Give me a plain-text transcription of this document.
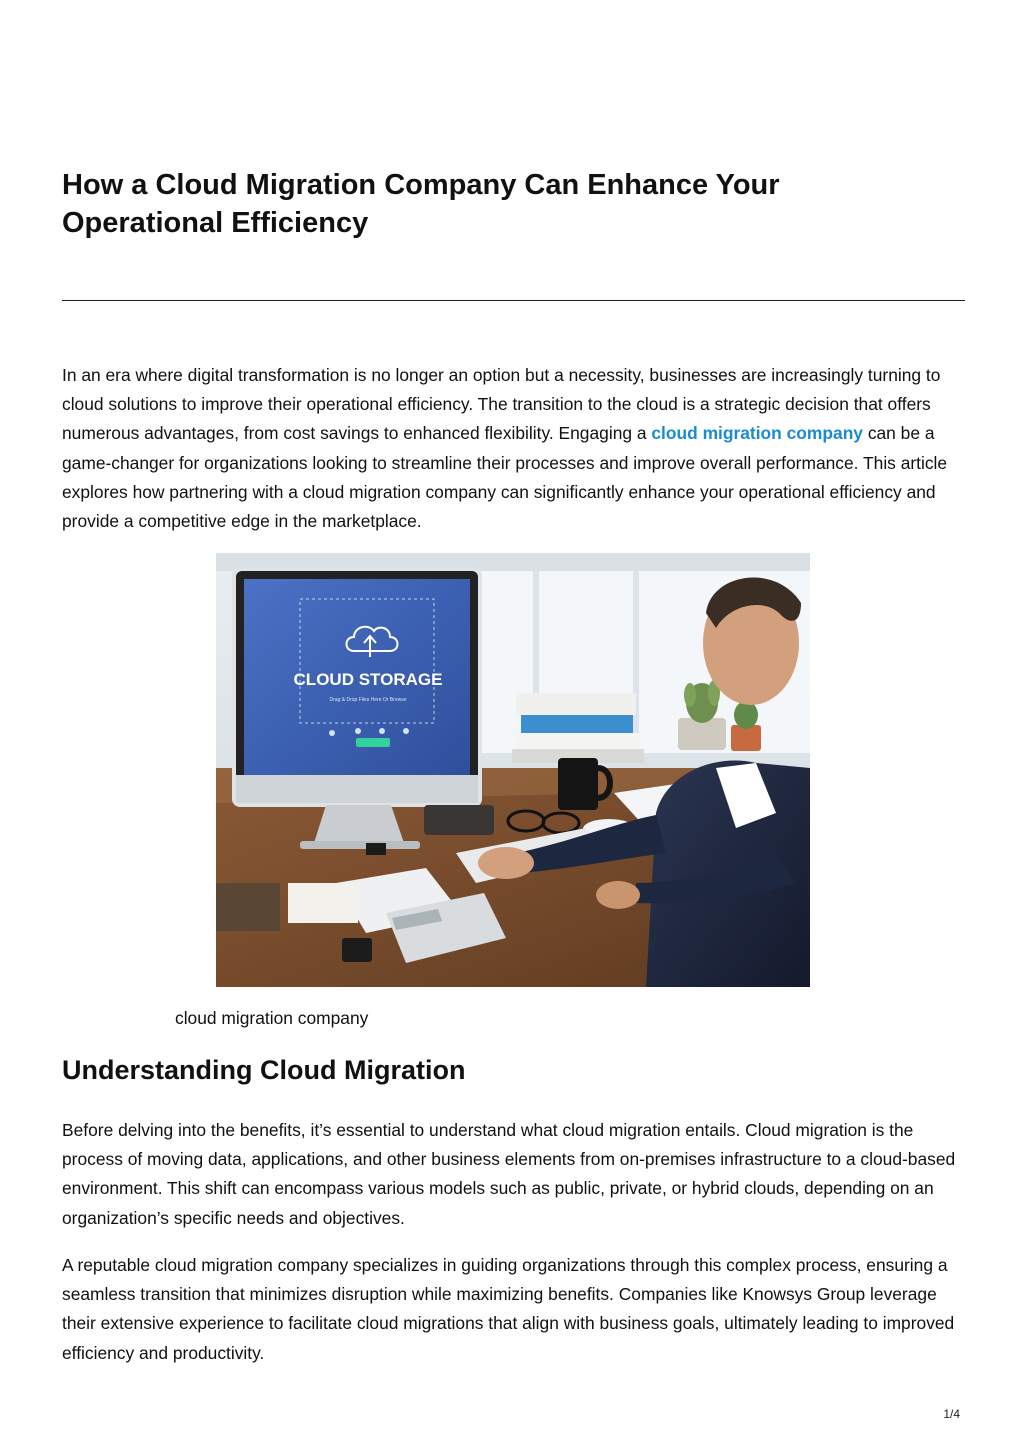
How a Cloud Migration Company Can Enhance Your Operational Efficiency

In an era where digital transformation is no longer an option but a necessity, businesses are increasingly turning to cloud solutions to improve their operational efficiency. The transition to the cloud is a strategic decision that offers numerous advantages, from cost savings to enhanced flexibility. Engaging a cloud migration company can be a game-changer for organizations looking to streamline their processes and improve overall performance. This article explores how partnering with a cloud migration company can significantly enhance your operational efficiency and provide a competitive edge in the marketplace.

cloud migration company
Understanding Cloud Migration

Before delving into the benefits, it’s essential to understand what cloud migration entails. Cloud migration is the process of moving data, applications, and other business elements from on-premises infrastructure to a cloud-based environment. This shift can encompass various models such as public, private, or hybrid clouds, depending on an organization’s specific needs and objectives.

A reputable cloud migration company specializes in guiding organizations through this complex process, ensuring a seamless transition that minimizes disruption while maximizing benefits. Companies like Knowsys Group leverage their extensive experience to facilitate cloud migrations that align with business goals, ultimately leading to improved efficiency and productivity.

CLOUD STORAGE
Drag & Drop Files Here Or Browse
1/4
